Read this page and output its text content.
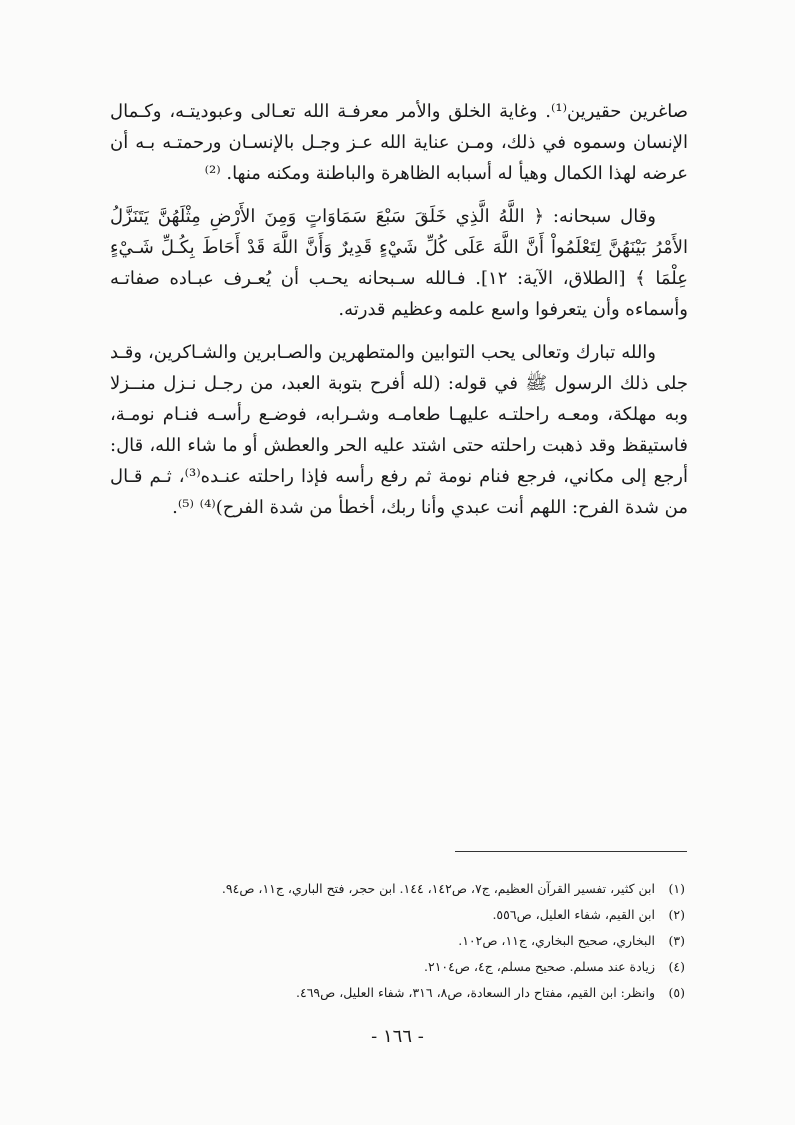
صاغرين حقيرين⁽¹⁾. وغاية الخلق والأمر معرفـة الله تعـالى وعبوديتـه، وكـمال الإنسان وسموه في ذلك، ومـن عناية الله عـز وجـل بالإنسـان ورحمتـه بـه أن عرضه لهذا الكمال وهيأ له أسبابه الظاهرة والباطنة ومكنه منها. ⁽²⁾

وقال سبحانه: ﴿ اللَّهُ الَّذِي خَلَقَ سَبْعَ سَمَاوَاتٍ وَمِنَ الأَرْضِ مِثْلَهُنَّ يَتَنَزَّلُ الأَمْرُ بَيْنَهُنَّ لِتَعْلَمُواْ أَنَّ اللَّهَ عَلَى كُلِّ شَيْءٍ قَدِيرٌ وَأَنَّ اللَّهَ قَدْ أَحَاطَ بِكُـلِّ شَـيْءٍ عِلْمَا ﴾ [الطلاق، الآية: ١٢]. فـالله سـبحانه يحـب أن يُعـرف عبـاده صفاتـه وأسماءه وأن يتعرفوا واسع علمه وعظيم قدرته.

والله تبارك وتعالى يحب التوابين والمتطهرين والصـابرين والشـاكرين، وقـد جلى ذلك الرسول ﷺ في قوله: (لله أفرح بتوبة العبد، من رجـل نـزل منــزلا وبه مهلكة، ومعـه راحلتـه عليهـا طعامـه وشـرابه، فوضـع رأسـه فنـام نومـة، فاستيقظ وقد ذهبت راحلته حتى اشتد عليه الحر والعطش أو ما شاء الله، قال: أرجع إلى مكاني، فرجع فنام نومة ثم رفع رأسه فإذا راحلته عنـده⁽³⁾، ثـم قـال من شدة الفرح: اللهم أنت عبدي وأنا ربك، أخطأ من شدة الفرح)⁽⁴⁾ ⁽⁵⁾.

(١)ابن كثير، تفسير القرآن العظيم، ج٧، ص١٤٢، ١٤٤. ابن حجر، فتح الباري، ج١١، ص٩٤.
(٢)ابن القيم، شفاء العليل، ص٥٥٦.
(٣)البخاري، صحيح البخاري، ج١١، ص١٠٢.
(٤)زيادة عند مسلم. صحيح مسلم، ج٤، ص٢١٠٤.
(٥)وانظر: ابن القيم، مفتاح دار السعادة، ص٨، ٣١٦، شفاء العليل، ص٤٦٩.
- ١٦٦ -
